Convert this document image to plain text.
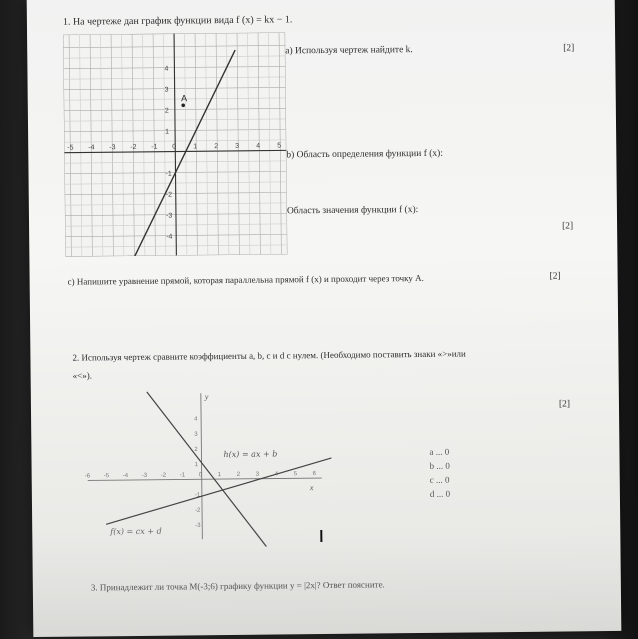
1. На чертеже дан график функции вида f (x) = kx − 1.
-5 -4 -3 -2 -1 0 1 2 3 4 5
4
3
2
1
-1
-2
-3
-4
A
a) Используя чертеж найдите k.	[2]
b) Область определения функции f (x):
Область значения функции f (x):
[2]
c) Напишите уравнение прямой, которая параллельна прямой f (x) и проходит через точку A.	[2]
2. Используя чертеж сравните коэффициенты a, b, c и d с нулем. (Необходимо поставить знаки «>»или
«<»).
[2]
-6 -5 -4 -3 -2 -1 0	1	2	3	5	6
4
3
2
1
-1
-2
-3
y
x
h(x) = ax + b
f(x) = cx + d
a ... 0
b ... 0
c ... 0
d ... 0
3. Принадлежит ли точка M(-3;6) графику функции y = |2x|? Ответ поясните.
